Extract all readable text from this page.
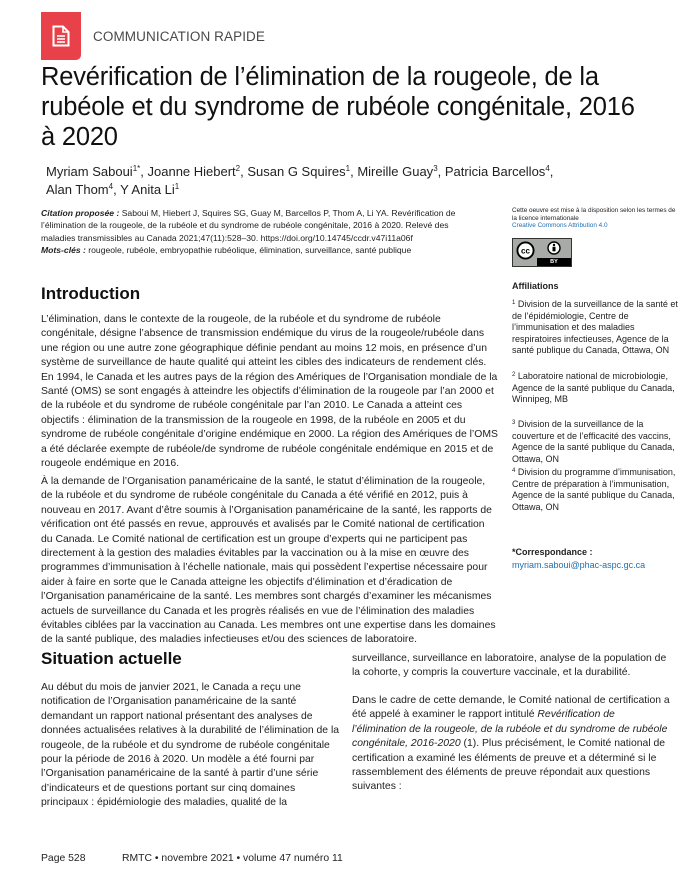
COMMUNICATION RAPIDE
Revérification de l’élimination de la rougeole, de la rubéole et du syndrome de rubéole congénitale, 2016 à 2020
Myriam Saboui$^{1*}$, Joanne Hiebert$^2$, Susan G Squires$^1$, Mireille Guay$^3$, Patricia Barcellos$^4$,
Alan Thom$^4$, Y Anita Li$^1$
Citation proposée : Saboui M, Hiebert J, Squires SG, Guay M, Barcellos P, Thom A, Li YA. Revérification de l’élimination de la rougeole, de la rubéole et du syndrome de rubéole congénitale, 2016 à 2020. Relevé des maladies transmissibles au Canada 2021;47(11):528–30. https://doi.org/10.14745/ccdr.v47i11a06f
Mots-clés : rougeole, rubéole, embryopathie rubéolique, élimination, surveillance, santé publique
Cette oeuvre est mise à la disposition selon les termes de la licence internationale
Creative Commons Attribution 4.0
cc
BY
Affiliations
$^1$ Division de la surveillance de la santé et de l’épidémiologie, Centre de l’immunisation et des maladies respiratoires infectieuses, Agence de la santé publique du Canada, Ottawa, ON
$^2$ Laboratoire national de microbiologie, Agence de la santé publique du Canada, Winnipeg, MB
$^3$ Division de la surveillance de la couverture et de l’efficacité des vaccins, Agence de la santé publique du Canada, Ottawa, ON
$^4$ Division du programme d’immunisation, Centre de préparation à l’immunisation, Agence de la santé publique du Canada, Ottawa, ON
*Correspondance :
myriam.saboui@phac-aspc.gc.ca
Introduction

L’élimination, dans le contexte de la rougeole, de la rubéole et du syndrome de rubéole congénitale, désigne l’absence de transmission endémique du virus de la rougeole/rubéole dans une région ou une autre zone géographique définie pendant au moins 12 mois, en présence d’un système de surveillance de haute qualité qui atteint les cibles des indicateurs de rendement clés. En 1994, le Canada et les autres pays de la région des Amériques de l’Organisation mondiale de la Santé (OMS) se sont engagés à atteindre les objectifs d’élimination de la rougeole par l’an 2000 et de la rubéole et du syndrome de rubéole congénitale par l’an 2010. Le Canada a atteint ces objectifs : élimination de la transmission de la rougeole en 1998, de la rubéole en 2005 et du syndrome de rubéole congénitale d’origine endémique en 2000. La région des Amériques de l’OMS a été déclarée exempte de rubéole/de syndrome de rubéole congénitale endémique en 2015 et de rougeole endémique en 2016.

À la demande de l’Organisation panaméricaine de la santé, le statut d’élimination de la rougeole, de la rubéole et du syndrome de rubéole congénitale du Canada a été vérifié en 2012, puis à nouveau en 2017. Avant d’être soumis à l’Organisation panaméricaine de la santé, les rapports de vérification ont été passés en revue, approuvés et avalisés par le Comité national de certification du Canada. Le Comité national de certification est un groupe d’experts qui ne participent pas directement à la gestion des maladies évitables par la vaccination ou à la mise en œuvre des programmes d’immunisation à l’échelle nationale, mais qui possèdent l’expertise nécessaire pour aider à faire en sorte que le Canada atteigne les objectifs d’élimination et d’éradication de l’Organisation panaméricaine de la santé. Les membres sont chargés d’examiner les mécanismes actuels de surveillance du Canada et les progrès réalisés en vue de l’élimination des maladies évitables ciblées par la vaccination au Canada. Les membres ont une expertise dans les domaines de la santé publique, des maladies infectieuses et/ou des sciences de laboratoire.

Situation actuelle

Au début du mois de janvier 2021, le Canada a reçu une notification de l’Organisation panaméricaine de la santé demandant un rapport national présentant des analyses de données actualisées relatives à la durabilité de l’élimination de la rougeole, de la rubéole et du syndrome de rubéole congénitale pour la période de 2016 à 2020. Un modèle a été fourni par l’Organisation panaméricaine de la santé à partir d’une série d’indicateurs et de questions portant sur cinq domaines principaux : épidémiologie des maladies, qualité de la

surveillance, surveillance en laboratoire, analyse de la population de la cohorte, y compris la couverture vaccinale, et la durabilité.

Dans le cadre de cette demande, le Comité national de certification a été appelé à examiner le rapport intitulé Revérification de l’élimination de la rougeole, de la rubéole et du syndrome de rubéole congénitale, 2016-2020 (1). Plus précisément, le Comité national de certification a examiné les éléments de preuve et a déterminé si le rassemblement des éléments de preuve répondait aux questions suivantes :

Page 528	RMTC • novembre 2021 • volume 47 numéro 11
